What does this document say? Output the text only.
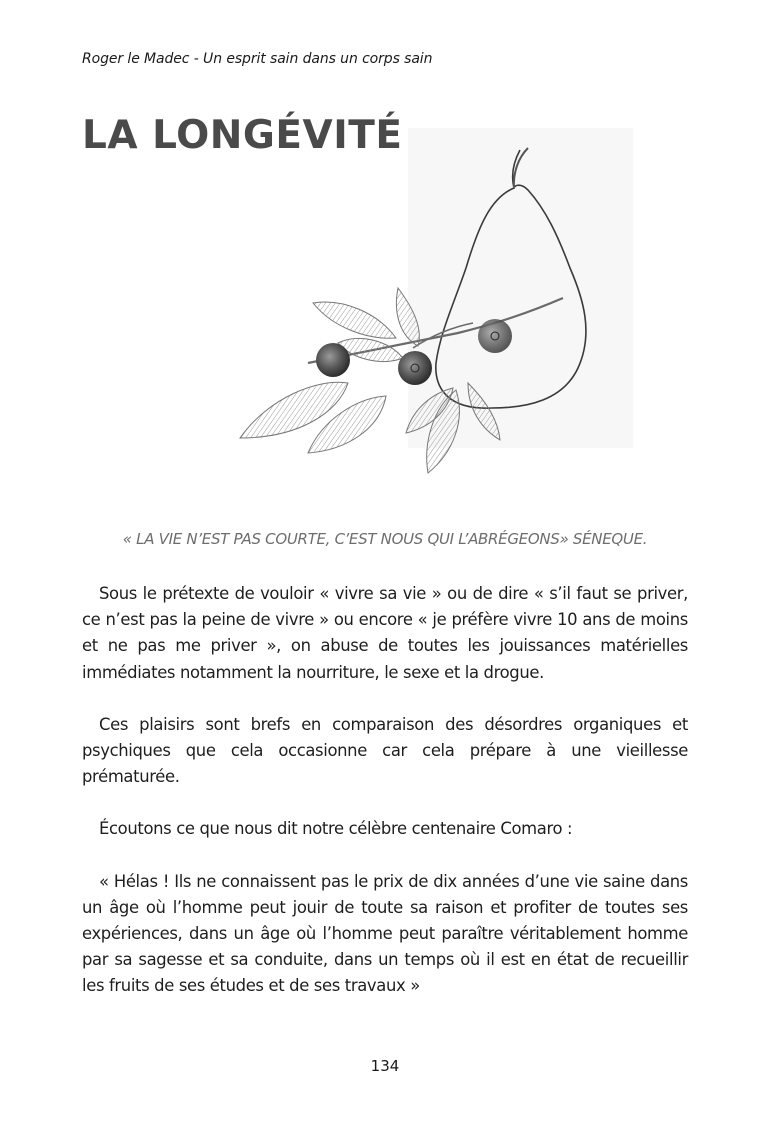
Roger le Madec - Un esprit sain dans un corps sain
LA LONGÉVITÉ
« LA VIE N’EST PAS COURTE, C’EST NOUS QUI L’ABRÉGEONS» SÉNEQUE.

Sous le prétexte de vouloir « vivre sa vie » ou de dire « s’il faut se priver, ce n’est pas la peine de vivre » ou encore « je préfère vivre 10 ans de moins et ne pas me priver », on abuse de toutes les jouissances matérielles immédiates notamment la nourriture, le sexe et la drogue.

Ces plaisirs sont brefs en comparaison des désordres organiques et psychiques que cela occasionne car cela prépare à une vieillesse prématurée.

Écoutons ce que nous dit notre célèbre centenaire Comaro :

« Hélas ! Ils ne connaissent pas le prix de dix années d’une vie saine dans un âge où l’homme peut jouir de toute sa raison et profiter de toutes ses expériences, dans un âge où l’homme peut paraître véritablement homme par sa sagesse et sa conduite, dans un temps où il est en état de recueillir les fruits de ses études et de ses travaux »

134
